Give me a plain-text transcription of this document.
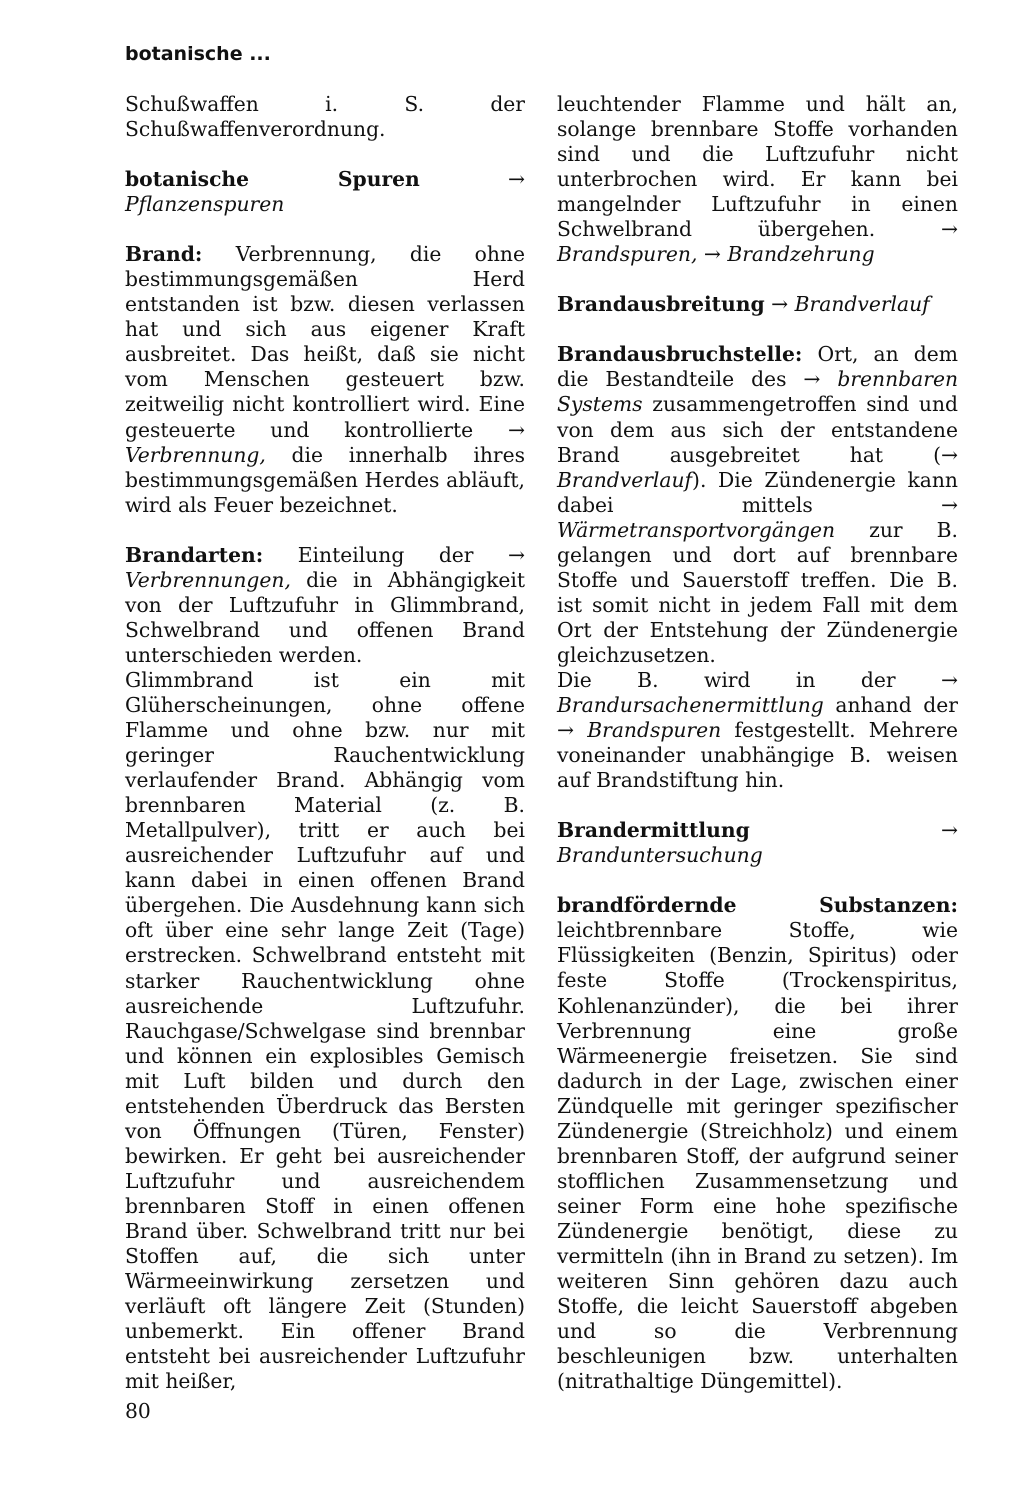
botanische ...

Schußwaffen i. S. der Schußwaffenverordnung.

botanische Spuren	→ Pflanzenspuren

Brand: Verbrennung, die ohne bestimmungsgemäßen Herd entstanden ist bzw. diesen verlassen hat und sich aus eigener Kraft ausbreitet. Das heißt, daß sie nicht vom Menschen gesteuert bzw. zeitweilig nicht kontrolliert wird. Eine gesteuerte und kontrollierte → Verbrennung, die innerhalb ihres bestimmungsgemäßen Herdes abläuft, wird als Feuer bezeichnet.

Brandarten: Einteilung der → Verbrennungen, die in Abhängigkeit von der Luftzufuhr in Glimmbrand, Schwelbrand und offenen Brand unterschieden werden.

Glimmbrand ist ein mit Glüherscheinungen, ohne offene Flamme und ohne bzw. nur mit geringer Rauchentwicklung verlaufender Brand. Abhängig vom brennbaren Material (z. B. Metallpulver), tritt er auch bei ausreichender Luftzufuhr auf und kann dabei in einen offenen Brand übergehen. Die Ausdehnung kann sich oft über eine sehr lange Zeit (Tage) erstrecken. Schwelbrand entsteht mit starker Rauchentwicklung ohne ausreichende Luftzufuhr. Rauchgase/Schwelgase sind brennbar und können ein explosibles Gemisch mit Luft bilden und durch den entstehenden Überdruck das Bersten von Öffnungen (Türen, Fenster) bewirken. Er geht bei ausreichender Luftzufuhr und ausreichendem brennbaren Stoff in einen offenen Brand über. Schwelbrand tritt nur bei Stoffen auf, die sich unter Wärmeeinwirkung zersetzen und verläuft oft längere Zeit (Stunden) unbemerkt. Ein offener Brand entsteht bei ausreichender Luftzufuhr mit heißer,

leuchtender Flamme und hält an, solange brennbare Stoffe vorhanden sind und die Luftzufuhr nicht unterbrochen wird. Er kann bei mangelnder Luftzufuhr in einen Schwelbrand übergehen. → Brandspuren, → Brandzehrung

Brandausbreitung → Brandverlauf

Brandausbruchstelle: Ort, an dem die Bestandteile des → brennbaren Systems zusammengetroffen sind und von dem aus sich der entstandene Brand ausgebreitet hat (→ Brandverlauf). Die Zündenergie kann dabei mittels → Wärmetransportvorgängen zur B. gelangen und dort auf brennbare Stoffe und Sauerstoff treffen. Die B. ist somit nicht in jedem Fall mit dem Ort der Entstehung der Zündenergie gleichzusetzen.

Die B. wird in der → Brandursachenermittlung anhand der → Brandspuren festgestellt. Mehrere voneinander unabhängige B. weisen auf Brandstiftung hin.

Brandermittlung	→ Branduntersuchung

brandfördernde Substanzen: leichtbrennbare Stoffe, wie Flüssigkeiten (Benzin, Spiritus) oder feste Stoffe (Trockenspiritus, Kohlenanzünder), die bei ihrer Verbrennung eine große Wärmeenergie freisetzen. Sie sind dadurch in der Lage, zwischen einer Zündquelle mit geringer spezifischer Zündenergie (Streichholz) und einem brennbaren Stoff, der aufgrund seiner stofflichen Zusammensetzung und seiner Form eine hohe spezifische Zündenergie benötigt, diese zu vermitteln (ihn in Brand zu setzen). Im weiteren Sinn gehören dazu auch Stoffe, die leicht Sauerstoff abgeben und so die Verbrennung beschleunigen bzw. unterhalten (nitrathaltige Düngemittel).

80
